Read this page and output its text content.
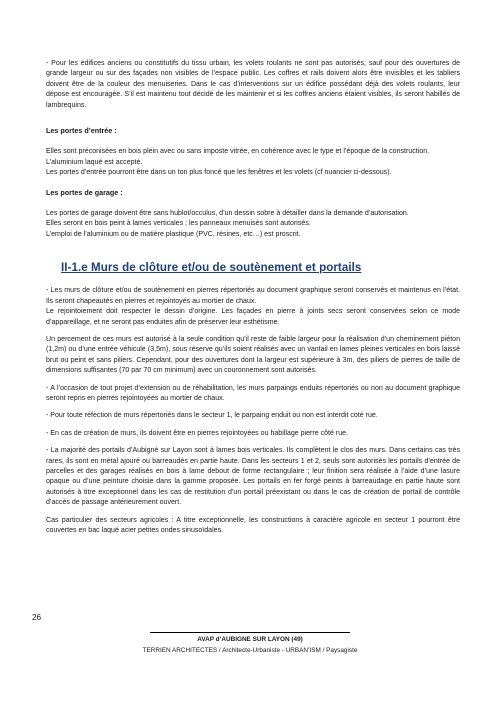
- Pour les édifices anciens ou constitutifs du tissu urbain, les volets roulants ne sont pas autorisés, sauf pour des ouvertures de grande largeur ou sur des façades non visibles de l’espace public. Les coffres et rails doivent alors être invisibles et les tabliers doivent être de la couleur des menuiseries. Dans le cas d’interventions sur un édifice possédant déjà des volets roulants, leur dépose est encouragée. S’il est maintenu tout décidé de les maintenir et si les coffres anciens étaient visibles, ils seront habillés de lambrequins.

Les portes d’entrée :

Elles sont préconisées en bois plein avec ou sans imposte vitrée, en cohérence avec le type et l’époque de la construction.

L’aluminium laqué est accepté.

Les portes d’entrée pourront être dans un ton plus foncé que les fenêtres et les volets (cf nuancier ci-dessous).

Les portes de garage :

Les portes de garage doivent être sans hublot/occulus, d’un dessin sobre à détailler dans la demande d’autorisation.

Elles seront en bois peint à lames verticales ; les panneaux menuisés sont autorisés.

L’emploi de l’aluminium ou de matière plastique (PVC, résines, etc…) est proscrit.

II-1.e Murs de clôture et/ou de soutènement et portails

- Les murs de clôture et/ou de soutènement en pierres répertoriés au document graphique seront conservés et maintenus en l’état. Ils seront chapeautés en pierres et rejointoyés au mortier de chaux.

Le rejointoiement doit respecter le dessin d’origine. Les façades en pierre à joints secs seront conservées selon ce mode d’appareillage, et ne seront pas enduites afin de préserver leur esthétisme.

Un percement de ces murs est autorisé à la seule condition qu’il reste de faible largeur pour la réalisation d’un cheminement piéton (1,2m) ou d’une entrée véhicule (3,5m), sous réserve qu’ils soient réalisés avec un vantail en lames pleines verticales en bois laissé brut ou peint et sans piliers. Cependant, pour des ouvertures dont la largeur est supérieure à 3m, des piliers de pierres de taille de dimensions suffisantes (70 par 70 cm minimum) avec un couronnement sont autorisés.

- A l’occasion de tout projet d’extension ou de réhabilitation, les murs parpaings enduits répertoriés ou non au document graphique seront repris en pierres rejointoyées au mortier de chaux.

- Pour toute réfection de murs répertoriés dans le secteur 1, le parpaing enduit ou non est interdit coté rue.

- En cas de création de murs, ils doivent être en pierres rejointoyées ou habillage pierre côté rue.

- La majorité des portails d’Aubigné sur Layon sont à lames bois verticales. Ils complètent le clos des murs. Dans certains cas très rares, ils sont en métal ajouré ou barreaudés en partie haute. Dans les secteurs 1 et 2, seuls sont autorisés les portails d’entrée de parcelles et des garages réalisés en bois à lame debout de forme rectangulaire ; leur finition sera réalisée à l’aide d’une lasure opaque ou d’une peinture choisie dans la gamme proposée. Les portails en fer forgé peints à barreaudage en partie haute sont autorisés à titre exceptionnel dans les cas de restitution d’un portail préexistant ou dans le cas de création de portail de contrôle d’accès de passage antérieurement ouvert.

Cas particulier des secteurs agricoles : A titre exceptionnelle, les constructions à caractère agricole en secteur 1 pourront être couvertes en bac laqué acier petites ondes sinusoïdales.

26
AVAP d’AUBIGNE SUR LAYON (49)
TERRIEN ARCHITECTES / Architecte-Urbaniste - URBAN’ISM / Paysagiste
